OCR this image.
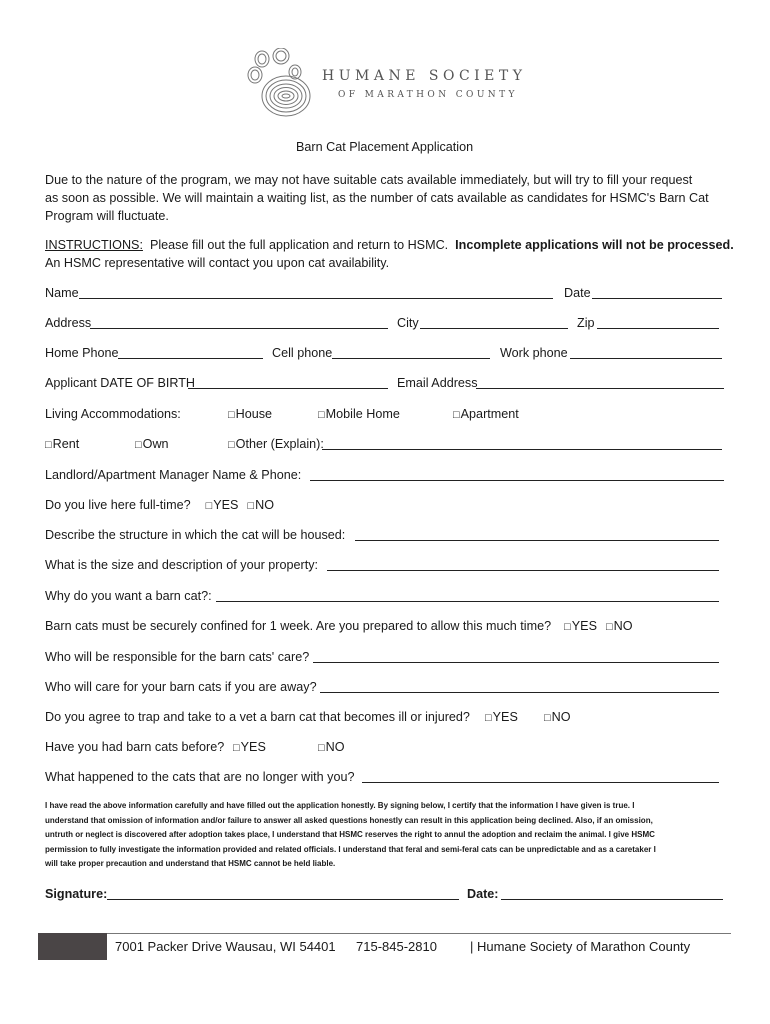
HUMANE SOCIETY
OF MARATHON COUNTY
Barn Cat Placement Application
Due to the nature of the program, we may not have suitable cats available immediately, but will try to fill your request
as soon as possible. We will maintain a waiting list, as the number of cats available as candidates for HSMC's Barn Cat
Program will fluctuate.
INSTRUCTIONS:  Please fill out the full application and return to HSMC.  Incomplete applications will not be processed.
An HSMC representative will contact you upon cat availability.
Name	Date
Address	City	Zip
Home Phone	Cell phone	Work phone
Applicant DATE OF BIRTH	Email Address
Living Accommodations:	□House	□Mobile Home	□Apartment
□Rent	□Own	□Other (Explain):
Landlord/Apartment Manager Name & Phone:
Do you live here full-time? □YES □NO
Describe the structure in which the cat will be housed:
What is the size and description of your property:
Why do you want a barn cat?:
Barn cats must be securely confined for 1 week. Are you prepared to allow this much time? □YES □NO
Who will be responsible for the barn cats' care?
Who will care for your barn cats if you are away?
Do you agree to trap and take to a vet a barn cat that becomes ill or injured? □YES □NO
Have you had barn cats before? □YES	□NO
What happened to the cats that are no longer with you?
I have read the above information carefully and have filled out the application honestly. By signing below, I certify that the information I have given is true. I
understand that omission of information and/or failure to answer all asked questions honestly can result in this application being declined. Also, if an omission,
untruth or neglect is discovered after adoption takes place, I understand that HSMC reserves the right to annul the adoption and reclaim the animal. I give HSMC
permission to fully investigate the information provided and related officials. I understand that feral and semi-feral cats can be unpredictable and as a caretaker I
will take proper precaution and understand that HSMC cannot be held liable.
Signature:	Date:
7001 Packer Drive Wausau, WI 54401 715-845-2810	| Humane Society of Marathon County
